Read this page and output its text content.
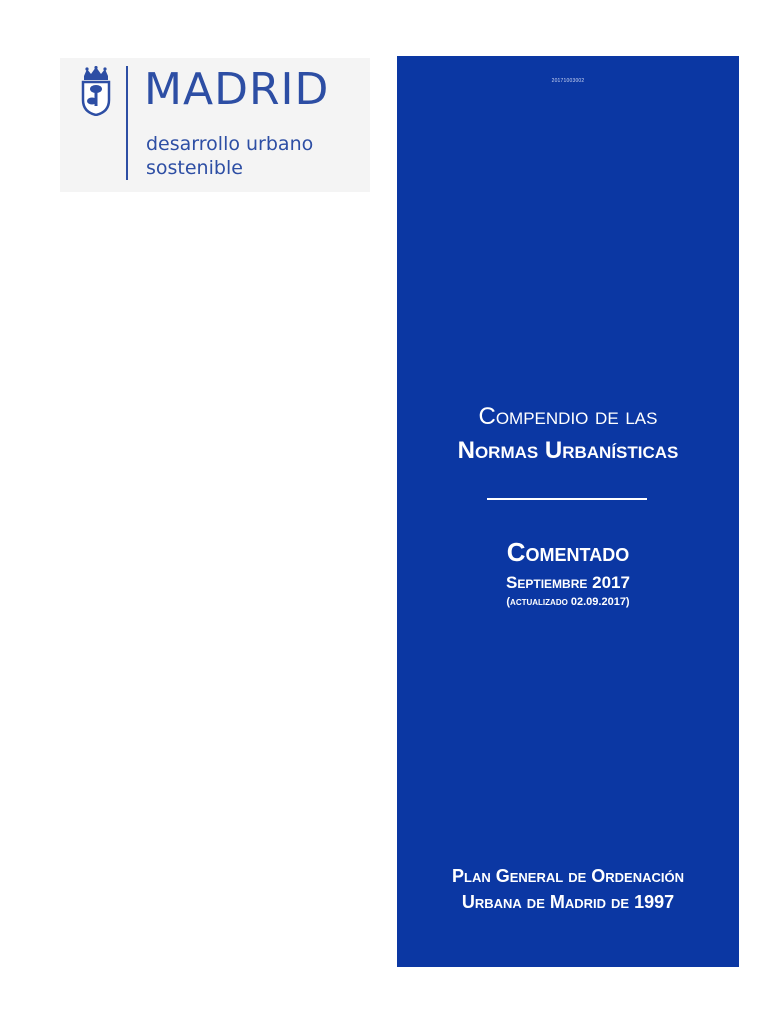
MADRID
desarrollo urbano
sostenible
20171003002
Compendio de las
Normas Urbanísticas
Comentado
Septiembre 2017
(actualizado 02.09.2017)
Plan General de Ordenación
Urbana de Madrid de 1997
